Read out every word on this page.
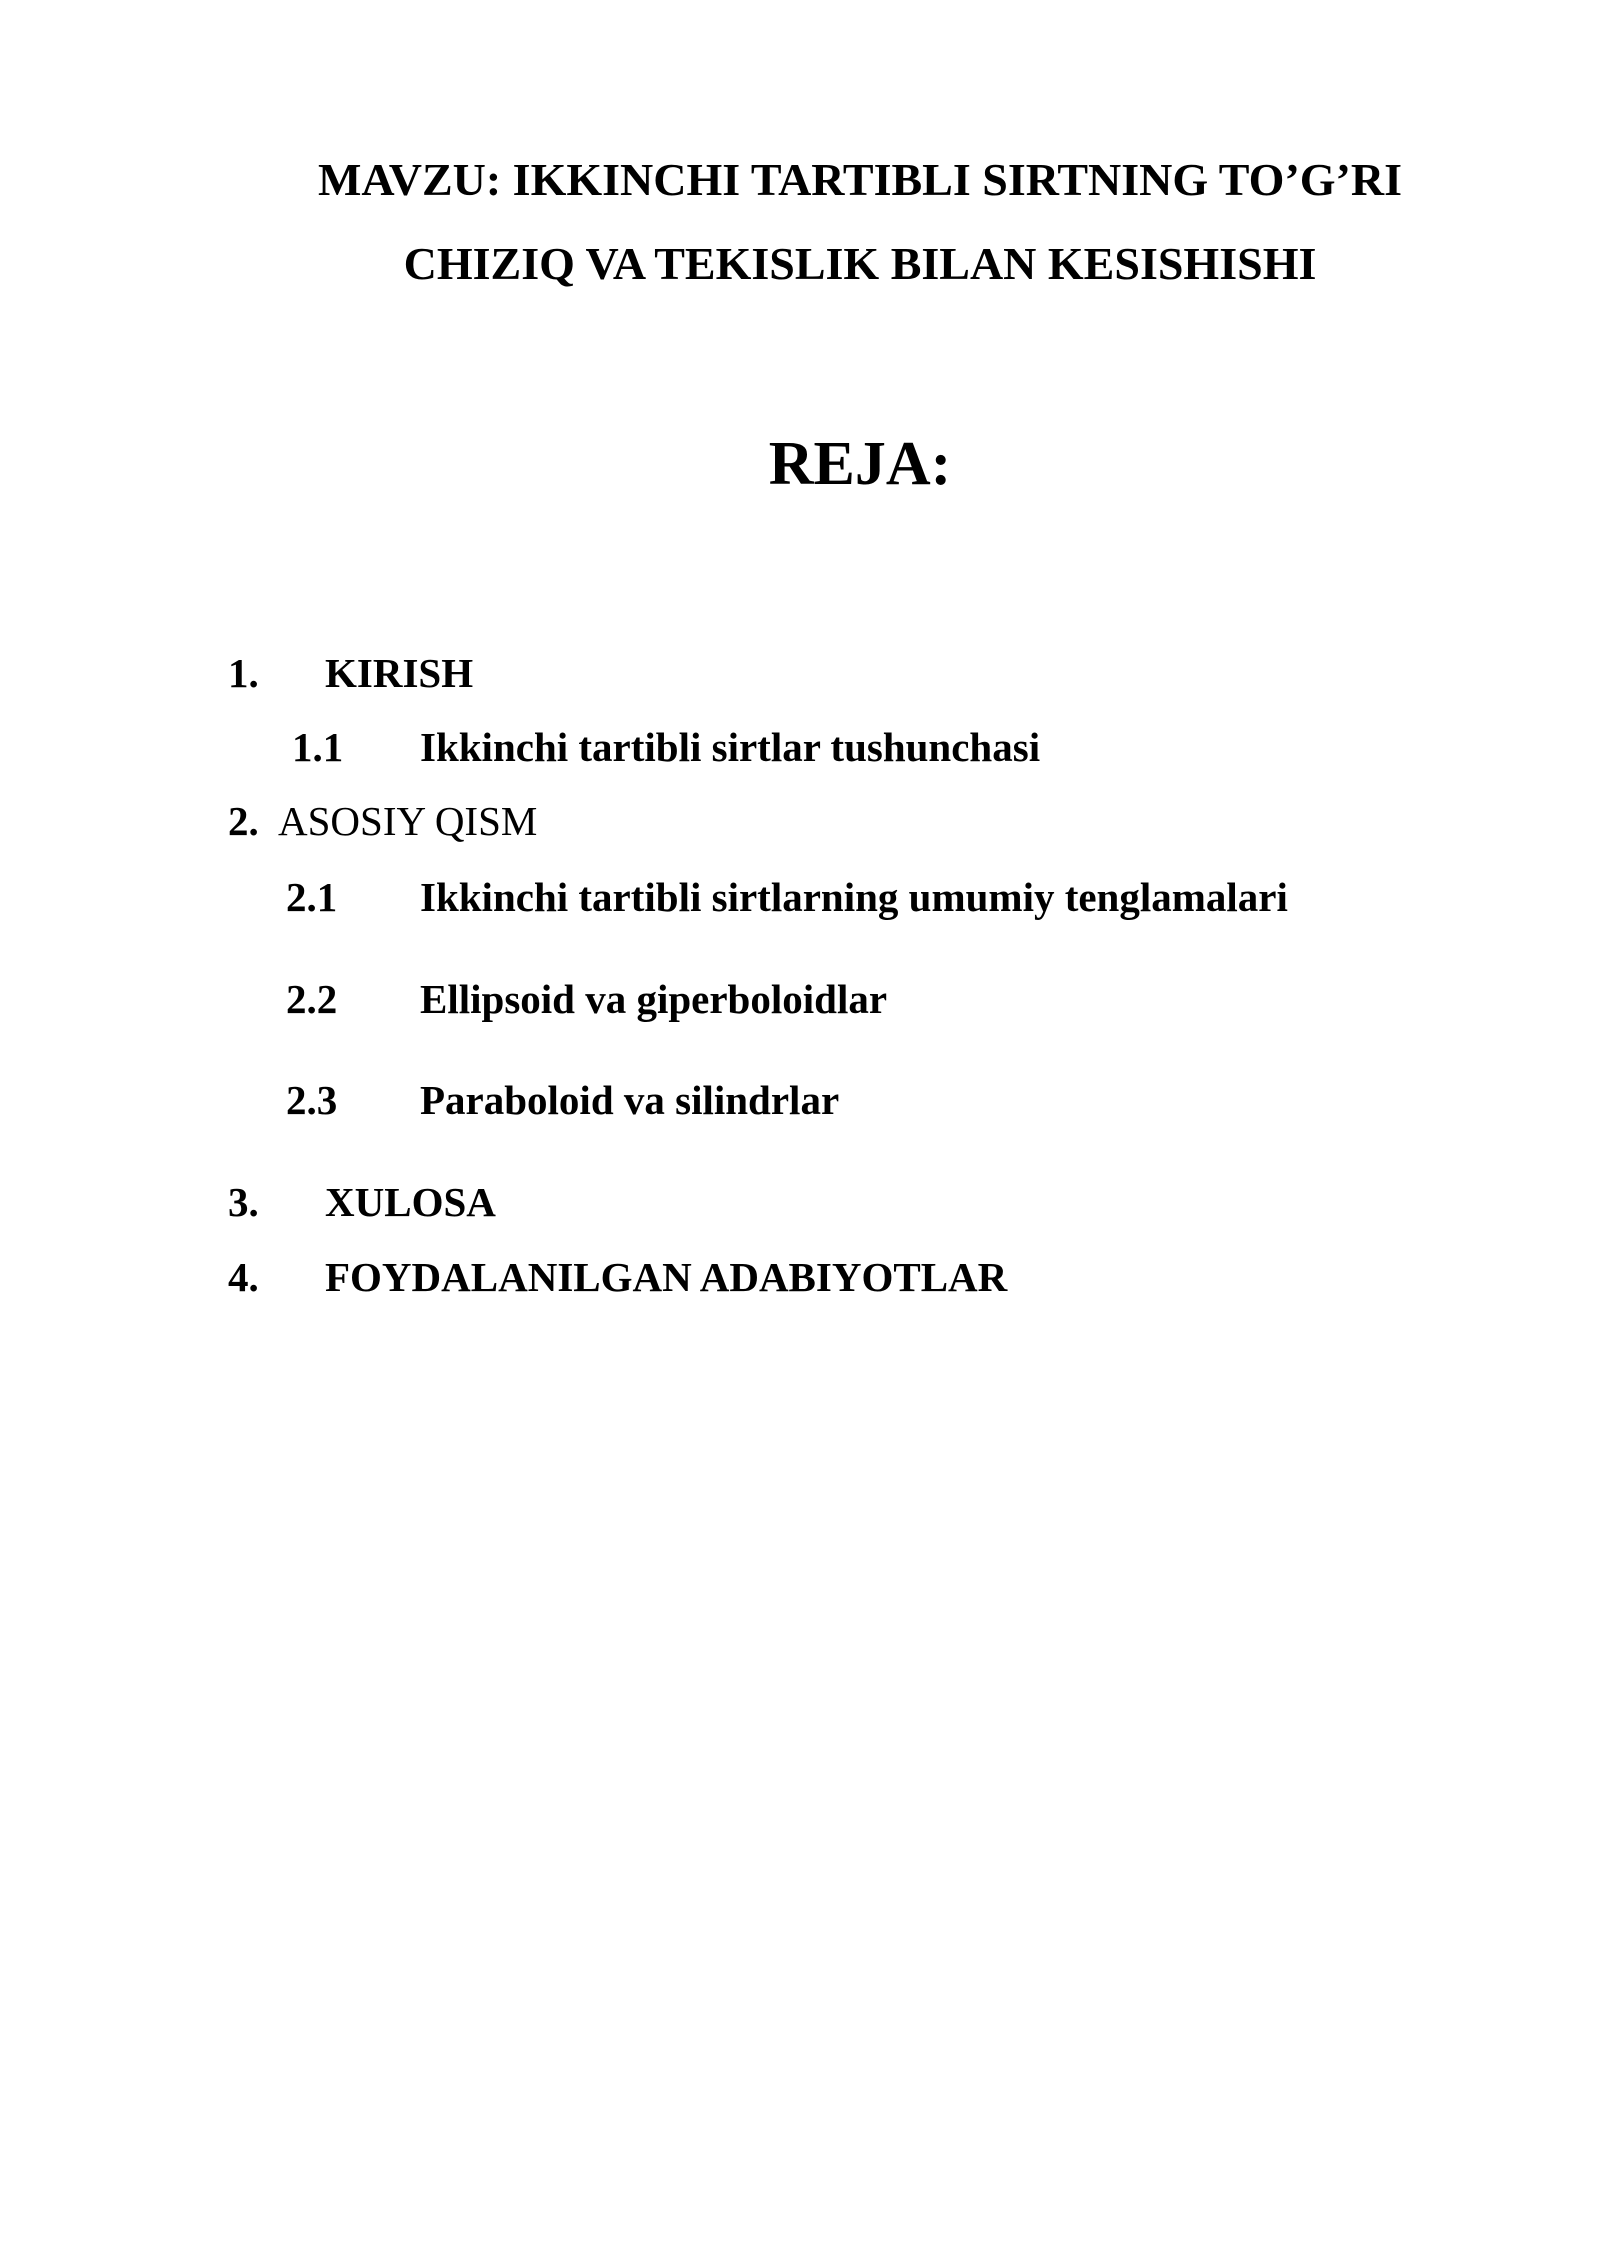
MAVZU: IKKINCHI TARTIBLI SIRTNING TO’G’RI
CHIZIQ VA TEKISLIK BILAN KESISHISHI
REJA:
1. KIRISH
1.1 Ikkinchi tartibli sirtlar tushunchasi
2. ASOSIY QISM
2.1 Ikkinchi tartibli sirtlarning umumiy tenglamalari
2.2 Ellipsoid va giperboloidlar
2.3 Paraboloid va silindrlar
3. XULOSA
4. FOYDALANILGAN ADABIYOTLAR
